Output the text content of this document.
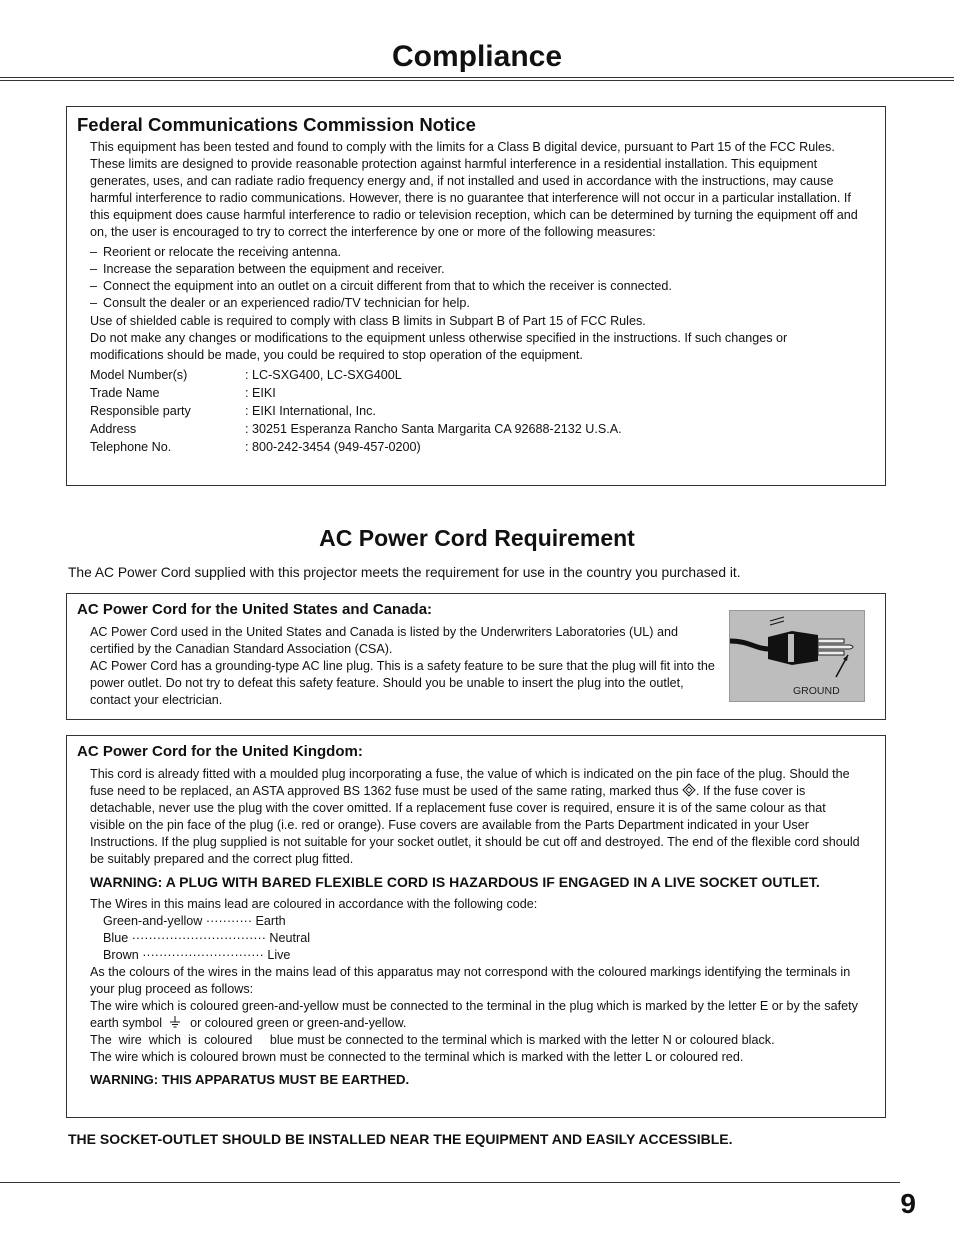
Compliance
Federal Communications Commission Notice

This equipment has been tested and found to comply with the limits for a Class B digital device, pursuant to Part 15 of the FCC Rules. These limits are designed to provide reasonable protection against harmful interference in a residential installation. This equipment generates, uses, and can radiate radio frequency energy and, if not installed and used in accordance with the instructions, may cause harmful interference to radio communications. However, there is no guarantee that interference will not occur in a particular installation. If this equipment does cause harmful interference to radio or television reception, which can be determined by turning the equipment off and on, the user is encouraged to try to correct the interference by one or more of the following measures:

– Reorient or relocate the receiving antenna.
– Increase the separation between the equipment and receiver.
– Connect the equipment into an outlet on a circuit different from that to which the receiver is connected.
– Consult the dealer or an experienced radio/TV technician for help.

Use of shielded cable is required to comply with class B limits in Subpart B of Part 15 of FCC Rules.

Do not make any changes or modifications to the equipment unless otherwise specified in the instructions. If such changes or modifications should be made, you could be required to stop operation of the equipment.

Model Number(s)	: LC-SXG400, LC-SXG400L
Trade Name	: EIKI
Responsible party	: EIKI International, Inc.
Address	: 30251 Esperanza Rancho Santa Margarita CA 92688-2132 U.S.A.
Telephone No.	: 800-242-3454 (949-457-0200)
AC Power Cord Requirement

The AC Power Cord supplied with this projector meets the requirement for use in the country you purchased it.

AC Power Cord for the United States and Canada:

AC Power Cord used in the United States and Canada is listed by the Underwriters Laboratories (UL) and certified by the Canadian Standard Association (CSA).

AC Power Cord has a grounding-type AC line plug. This is a safety feature to be sure that the plug will fit into the power outlet. Do not try to defeat this safety feature. Should you be unable to insert the plug into the outlet, contact your electrician.

GROUND
AC Power Cord for the United Kingdom:

This cord is already fitted with a moulded plug incorporating a fuse, the value of which is indicated on the pin face of the plug. Should the fuse need to be replaced, an ASTA approved BS 1362 fuse must be used of the same rating, marked thus . If the fuse cover is detachable, never use the plug with the cover omitted. If a replacement fuse cover is required, ensure it is of the same colour as that visible on the pin face of the plug (i.e. red or orange). Fuse covers are available from the Parts Department indicated in your User Instructions. If the plug supplied is not suitable for your socket outlet, it should be cut off and destroyed. The end of the flexible cord should be suitably prepared and the correct plug fitted.

WARNING: A PLUG WITH BARED FLEXIBLE CORD IS HAZARDOUS IF ENGAGED IN A LIVE SOCKET OUTLET.

The Wires in this mains lead are coloured in accordance with the following code:

Green-and-yellow ··········· Earth
Blue ································ Neutral
Brown ····························· Live

As the colours of the wires in the mains lead of this apparatus may not correspond with the coloured markings identifying the terminals in your plug proceed as follows:

The wire which is coloured green-and-yellow must be connected to the terminal in the plug which is marked by the letter E or by the safety earth symbol or coloured green or green-and-yellow.

The  wire  which  is  coloured     blue must be connected to the terminal which is marked with the letter N or coloured black.

The wire which is coloured brown must be connected to the terminal which is marked with the letter L or coloured red.

WARNING: THIS APPARATUS MUST BE EARTHED.

THE SOCKET-OUTLET SHOULD BE INSTALLED NEAR THE EQUIPMENT AND EASILY ACCESSIBLE.

9
